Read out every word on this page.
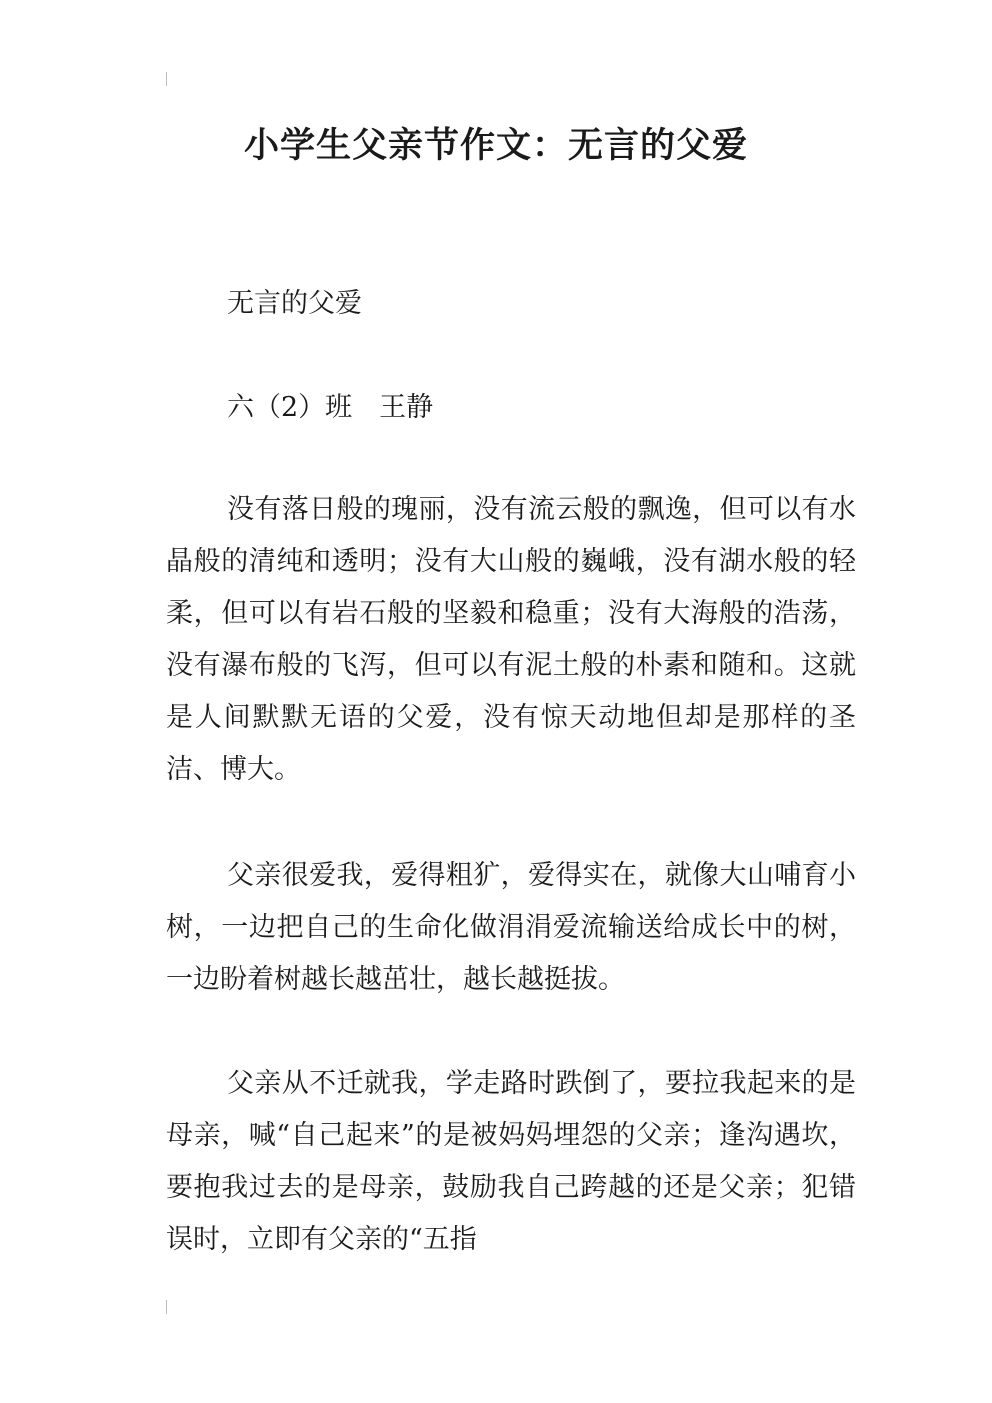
小学生父亲节作文：无言的父爱

无言的父爱

六（2）班　王静

没有落日般的瑰丽，没有流云般的飘逸，但可以有水晶般的清纯和透明；没有大山般的巍峨，没有湖水般的轻柔，但可以有岩石般的坚毅和稳重；没有大海般的浩荡，没有瀑布般的飞泻，但可以有泥土般的朴素和随和。这就是人间默默无语的父爱，没有惊天动地但却是那样的圣洁、博大。

父亲很爱我，爱得粗犷，爱得实在，就像大山哺育小树，一边把自己的生命化做涓涓爱流输送给成长中的树，一边盼着树越长越茁壮，越长越挺拔。

父亲从不迁就我，学走路时跌倒了，要拉我起来的是母亲，喊“自己起来”的是被妈妈埋怨的父亲；逢沟遇坎，要抱我过去的是母亲，鼓励我自己跨越的还是父亲；犯错误时，立即有父亲的“五指
